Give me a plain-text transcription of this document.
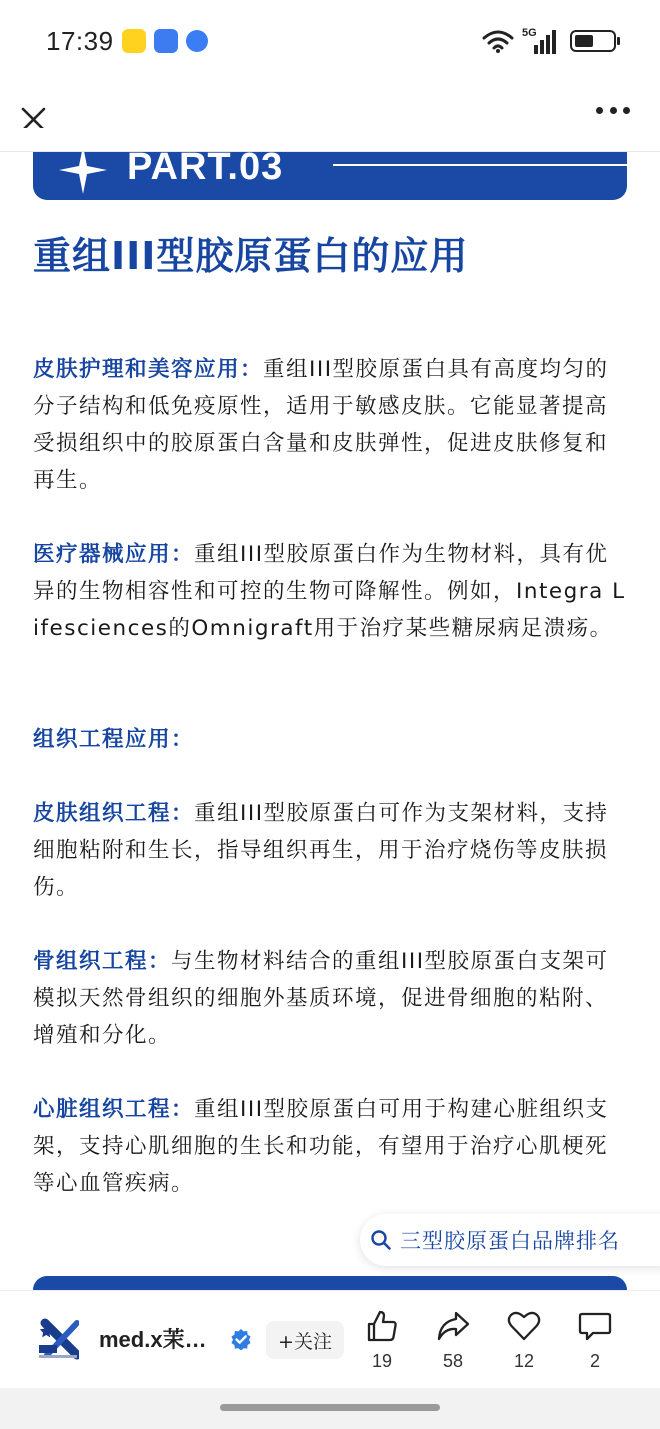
17:39	5G
PART.03
重组III型胶原蛋白的应用

皮肤护理和美容应用：重组III型胶原蛋白具有高度均匀的分子结构和低免疫原性，适用于敏感皮肤。它能显著提高受损组织中的胶原蛋白含量和皮肤弹性，促进皮肤修复和再生。

医疗器械应用：重组III型胶原蛋白作为生物材料，具有优异的生物相容性和可控的生物可降解性。例如，Integra Lifesciences的Omnigraft用于治疗某些糖尿病足溃疡。

组织工程应用：

皮肤组织工程：重组III型胶原蛋白可作为支架材料，支持细胞粘附和生长，指导组织再生，用于治疗烧伤等皮肤损伤。

骨组织工程：与生物材料结合的重组III型胶原蛋白支架可模拟天然骨组织的细胞外基质环境，促进骨细胞的粘附、增殖和分化。

心脏组织工程：重组III型胶原蛋白可用于构建心脏组织支架，支持心肌细胞的生长和功能，有望用于治疗心肌梗死等心血管疾病。

三型胶原蛋白品牌排名
med.x茉…	+关注
19	58	12	2
